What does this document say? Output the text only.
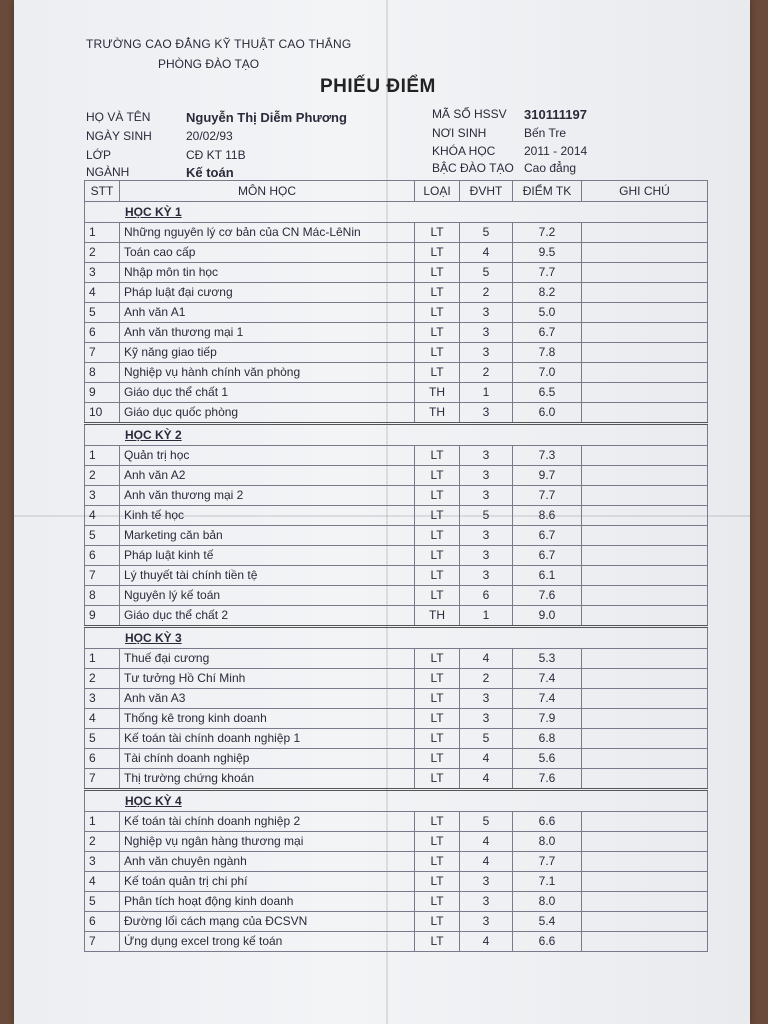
TRƯỜNG CAO ĐẲNG KỸ THUẬT CAO THẮNG
PHÒNG ĐÀO TẠO
PHIẾU ĐIỂM
HỌ VÀ TÊN	Nguyễn Thị Diễm Phương
NGÀY SINH	20/02/93
LỚP	CĐ KT 11B
NGÀNH	Kế toán
MÃ SỐ HSSV 310111197
NƠI SINH	Bến Tre
KHÓA HỌC 2011 - 2014
BẬC ĐÀO TẠO Cao đẳng
STT	MÔN HỌC	LOẠI	ĐVHT	ĐIỂM TK	GHI CHÚ
HỌC KỲ 1					
1	Những nguyên lý cơ bản của CN Mác-LêNin	LT	5	7.2	
2	Toán cao cấp	LT	4	9.5	
3	Nhập môn tin học	LT	5	7.7	
4	Pháp luật đại cương	LT	2	8.2	
5	Anh văn A1	LT	3	5.0	
6	Anh văn thương mại 1	LT	3	6.7	
7	Kỹ năng giao tiếp	LT	3	7.8	
8	Nghiệp vụ hành chính văn phòng	LT	2	7.0	
9	Giáo dục thể chất 1	TH	1	6.5	
10	Giáo dục quốc phòng	TH	3	6.0	
HỌC KỲ 2					
1	Quản trị học	LT	3	7.3	
2	Anh văn A2	LT	3	9.7	
3	Anh văn thương mại 2	LT	3	7.7	
4	Kinh tế học	LT	5	8.6	
5	Marketing căn bản	LT	3	6.7	
6	Pháp luật kinh tế	LT	3	6.7	
7	Lý thuyết tài chính tiền tệ	LT	3	6.1	
8	Nguyên lý kế toán	LT	6	7.6	
9	Giáo dục thể chất 2	TH	1	9.0	
HỌC KỲ 3					
1	Thuế đại cương	LT	4	5.3	
2	Tư tưởng Hồ Chí Minh	LT	2	7.4	
3	Anh văn A3	LT	3	7.4	
4	Thống kê trong kinh doanh	LT	3	7.9	
5	Kế toán tài chính doanh nghiệp 1	LT	5	6.8	
6	Tài chính doanh nghiệp	LT	4	5.6	
7	Thị trường chứng khoán	LT	4	7.6	
HỌC KỲ 4					
1	Kế toán tài chính doanh nghiệp 2	LT	5	6.6	
2	Nghiệp vụ ngân hàng thương mại	LT	4	8.0	
3	Anh văn chuyên ngành	LT	4	7.7	
4	Kế toán quản trị chi phí	LT	3	7.1	
5	Phân tích hoạt động kinh doanh	LT	3	8.0	
6	Đường lối cách mạng của ĐCSVN	LT	3	5.4	
7	Ứng dụng excel trong kế toán	LT	4	6.6	
